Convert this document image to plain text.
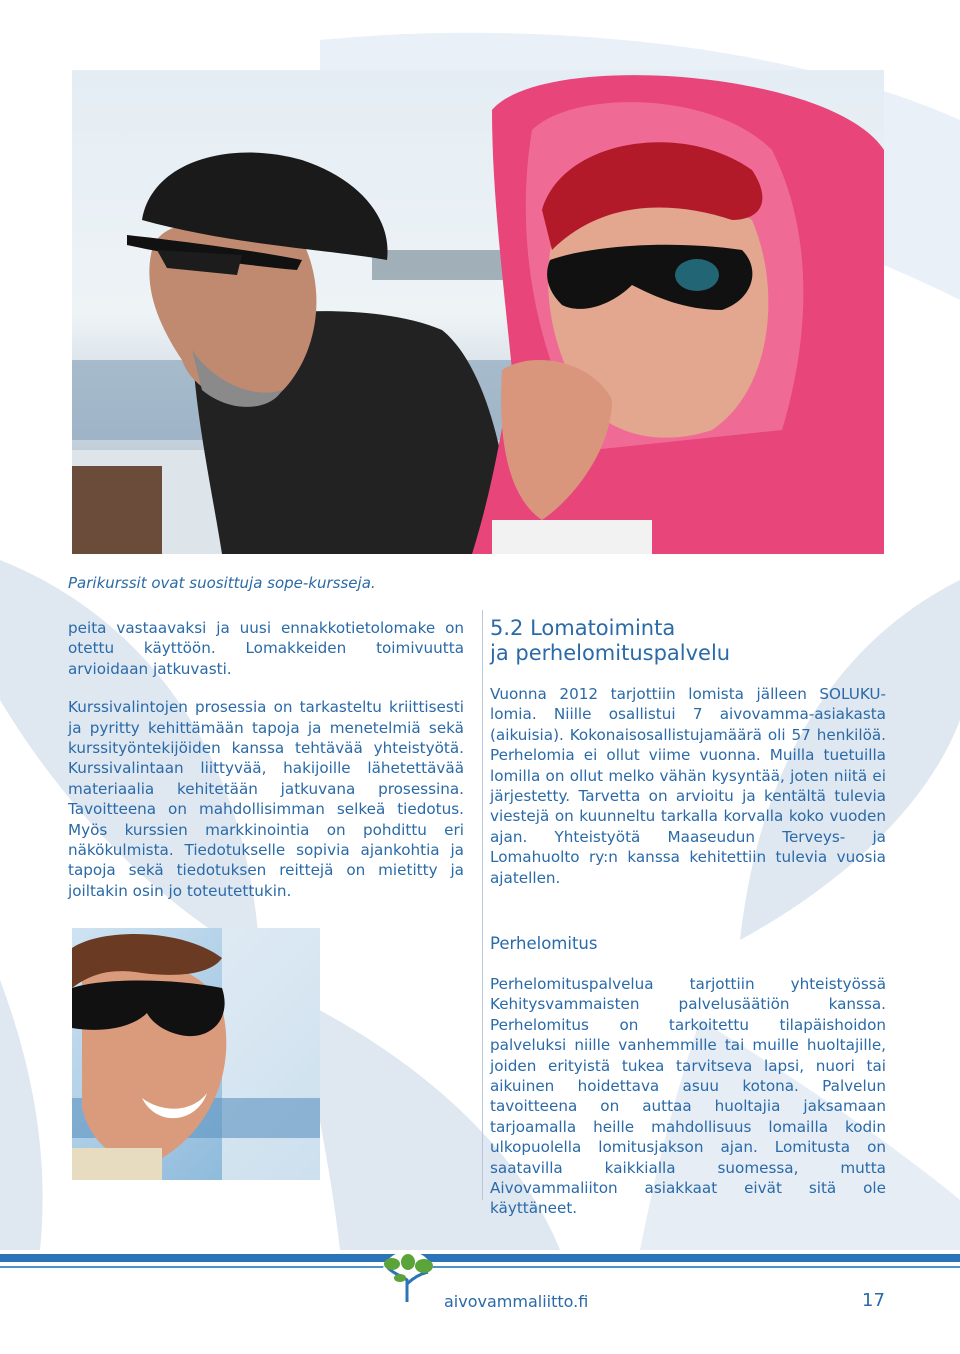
Parikurssit ovat suosittuja sope-kursseja.

peita vastaavaksi ja uusi ennakkotietolomake on otettu käyttöön. Lomakkeiden toimivuutta arvioidaan jatkuvasti.

Kurssivalintojen prosessia on tarkasteltu kriittisesti ja pyritty kehittämään tapoja ja menetelmiä sekä kurssityöntekijöiden kanssa tehtävää yhteistyötä. Kurssivalintaan liittyvää, hakijoille lähetettävää materiaalia kehitetään jatkuvana prosessina. Tavoitteena on mahdollisimman selkeä tiedotus. Myös kurssien markkinointia on pohdittu eri näkökulmista. Tiedotukselle sopivia ajankohtia ja tapoja sekä tiedotuksen reittejä on mietitty ja joiltakin osin jo toteutettukin.

5.2 Lomatoiminta
ja perhelomituspalvelu

Vuonna 2012 tarjottiin lomista jälleen SOLUKU-lomia. Niille osallistui 7 aivovamma-asiakasta (aikuisia). Kokonaisosallistujamäärä oli 57 henkilöä. Perhelomia ei ollut viime vuonna. Muilla tuetuilla lomilla on ollut melko vähän kysyntää, joten niitä ei järjestetty. Tarvetta on arvioitu ja kentältä tulevia viestejä on kuunneltu tarkalla korvalla koko vuoden ajan. Yhteistyötä Maaseudun Terveys- ja Lomahuolto ry:n kanssa kehitettiin tulevia vuosia ajatellen.

Perhelomitus

Perhelomituspalvelua tarjottiin yhteistyössä Kehitysvammaisten palvelusäätiön kanssa. Perhelomitus on tarkoitettu tilapäishoidon palveluksi niille vanhemmille tai muille huoltajille, joiden erityistä tukea tarvitseva lapsi, nuori tai aikuinen hoidettava asuu kotona. Palvelun tavoitteena on auttaa huoltajia jaksamaan tarjoamalla heille mahdollisuus lomailla kodin ulkopuolella lomitusjakson ajan. Lomitusta on saatavilla kaikkialla suomessa, mutta Aivovammaliiton asiakkaat eivät sitä ole käyttäneet.

aivovammaliitto.fi	17
